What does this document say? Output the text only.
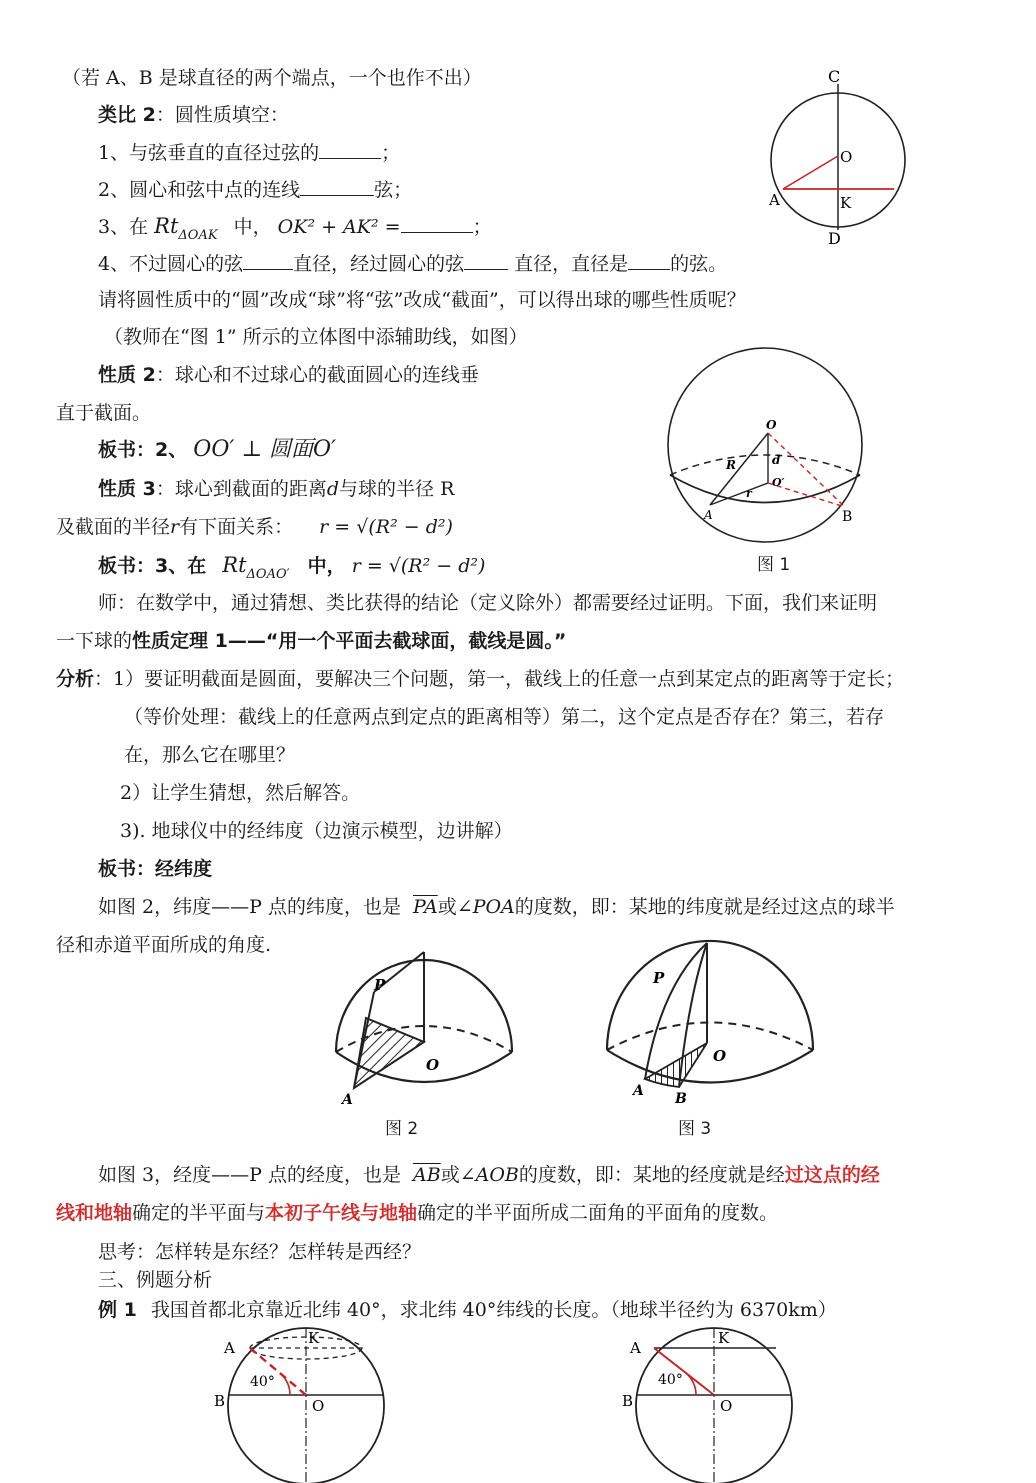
（若 A、B 是球直径的两个端点，一个也作不出）
类比 2：圆性质填空：
1、与弦垂直的直径过弦的	；
2、圆心和弦中点的连线	弦；
3、在 $Rt_{\Delta OAK}$ 中， OK² + AK² =	；
4、不过圆心的弦	直径，经过圆心的弦	直径，直径是 的弦。
请将圆性质中的“圆”改成“球”将“弦”改成“截面”，可以得出球的哪些性质呢？
（教师在“图 1” 所示的立体图中添辅助线，如图）
性质 2：球心和不过球心的截面圆心的连线垂
直于截面。
板书：2、 OO′ ⊥ 圆面O′
性质 3：球心到截面的距离d与球的半径 R
及截面的半径r有下面关系： r = √(R² − d²)
板书：3、在 $Rt_{\Delta OAO'}$ 中， r = √(R² − d²)
师：在数学中，通过猜想、类比获得的结论（定义除外）都需要经过证明。下面，我们来证明
一下球的性质定理 1——“用一个平面去截球面，截线是圆。”
分析：1）要证明截面是圆面，要解决三个问题，第一，截线上的任意一点到某定点的距离等于定长；
（等价处理：截线上的任意两点到定点的距离相等）第二，这个定点是否存在？第三，若存
在，那么它在哪里？
2）让学生猜想，然后解答。
3). 地球仪中的经纬度（边演示模型，边讲解）
板书：经纬度
如图 2，纬度——P 点的纬度，也是 $\overline{PA}$或∠POA的度数，即：某地的纬度就是经过这点的球半
径和赤道平面所成的角度.
如图 3，经度——P 点的经度，也是 $\overline{AB}$或∠AOB的度数，即：某地的经度就是经过这点的经
线和地轴确定的半平面与本初子午线与地轴确定的半平面所成二面角的平面角的度数。
思考：怎样转是东经？怎样转是西经？
三、例题分析
例 1 我国首都北京靠近北纬 40°，求北纬 40°纬线的长度。（地球半径约为 6370km）
C
O
A	K
D
O
R	d
r
O′
A	B
图 1
P
O
A
图 2
P
O
A B
图 3
A
K
B	O
40°
A
K
B	O
40°
